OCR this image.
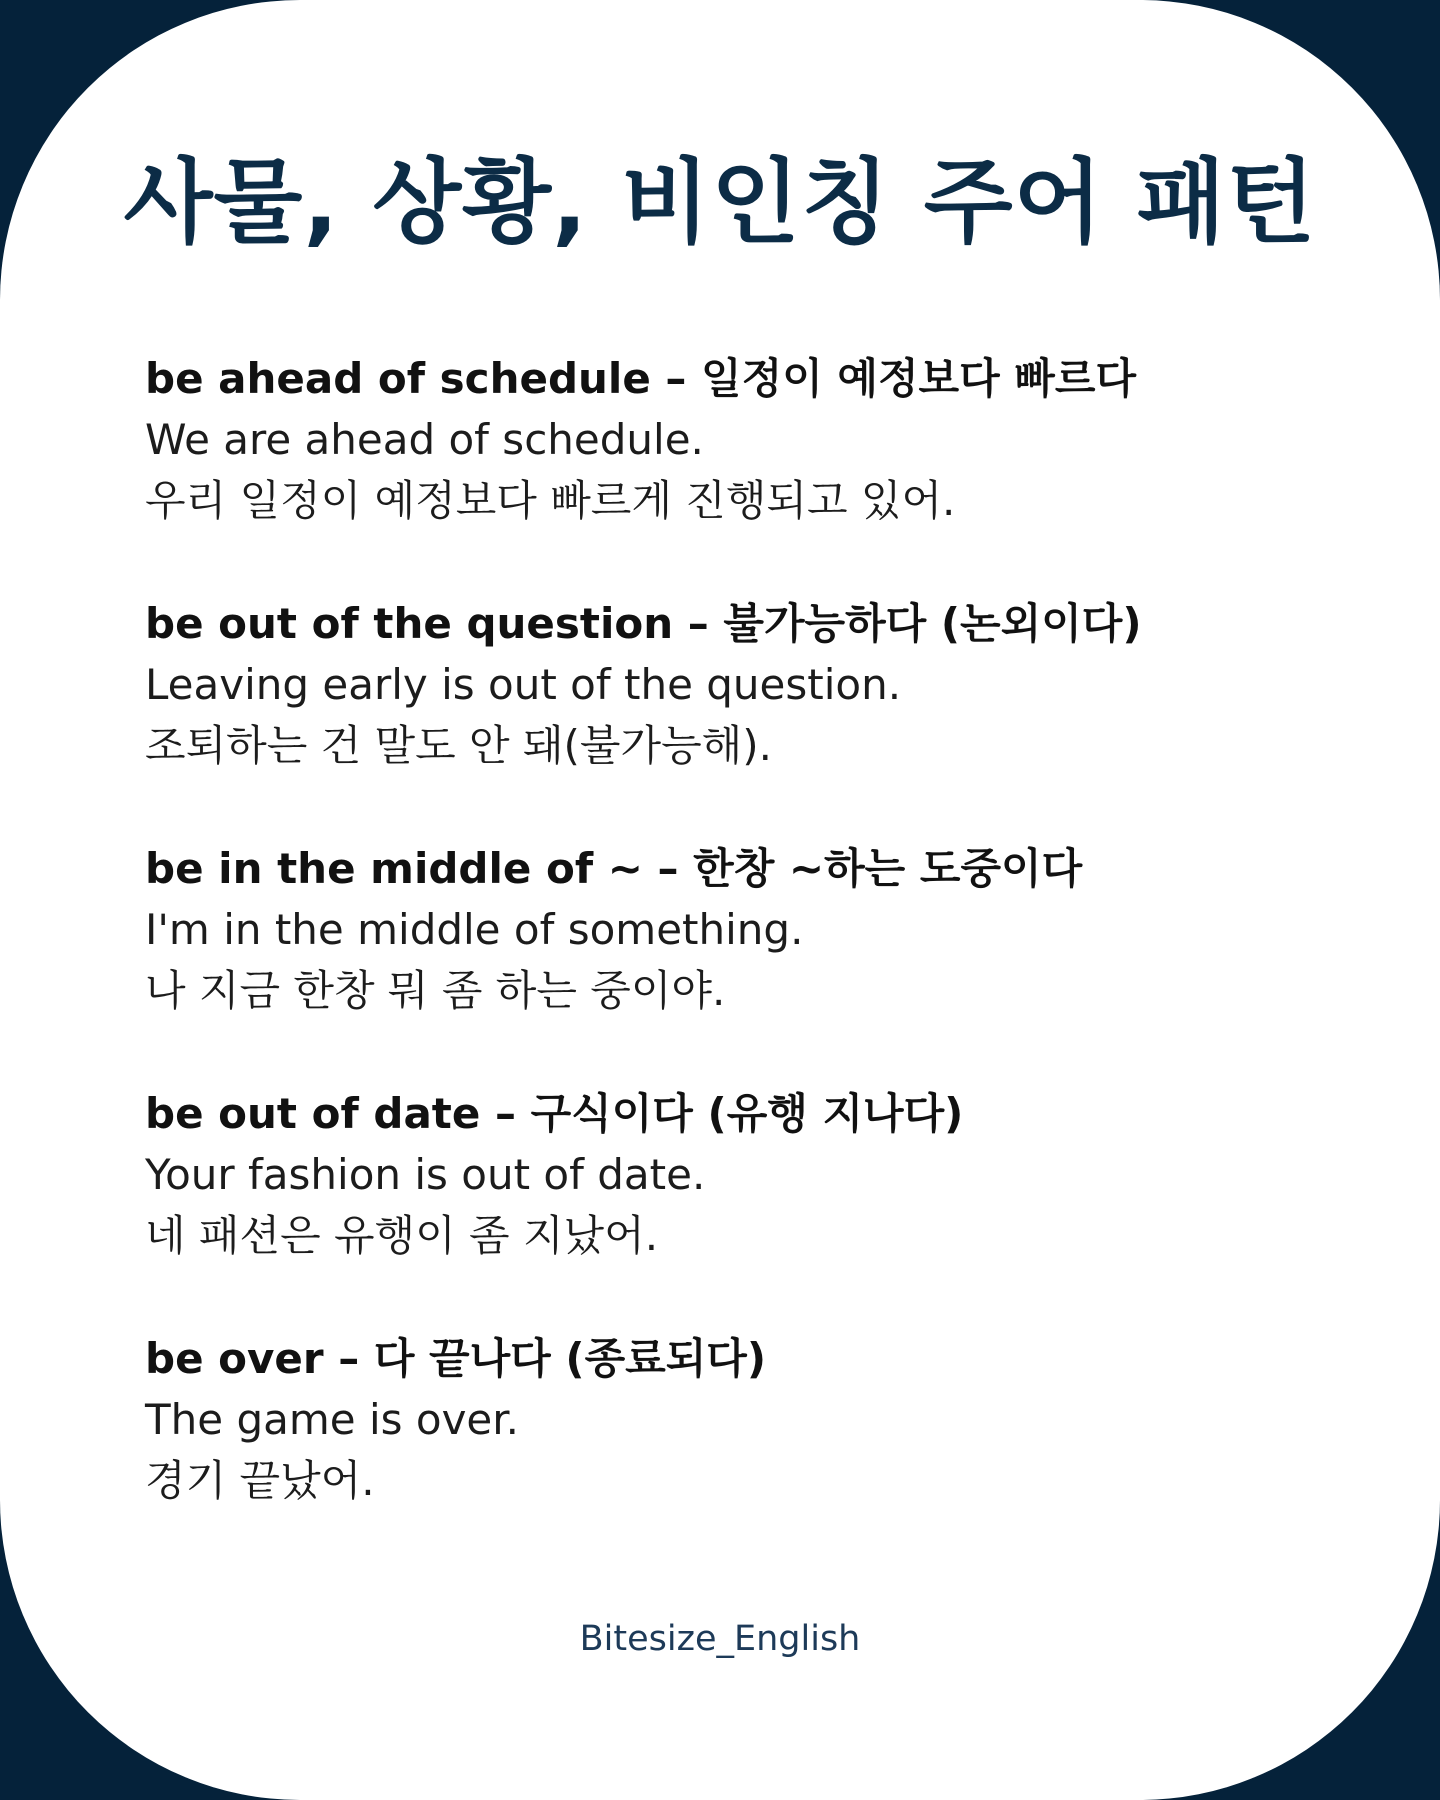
사물, 상황, 비인칭 주어 패턴
be ahead of schedule – 일정이 예정보다 빠르다
We are ahead of schedule.
우리 일정이 예정보다 빠르게 진행되고 있어.
be out of the question – 불가능하다 (논외이다)
Leaving early is out of the question.
조퇴하는 건 말도 안 돼(불가능해).
be in the middle of ~ – 한창 ~하는 도중이다
I'm in the middle of something.
나 지금 한창 뭐 좀 하는 중이야.
be out of date – 구식이다 (유행 지나다)
Your fashion is out of date.
네 패션은 유행이 좀 지났어.
be over – 다 끝나다 (종료되다)
The game is over.
경기 끝났어.
Bitesize_English
